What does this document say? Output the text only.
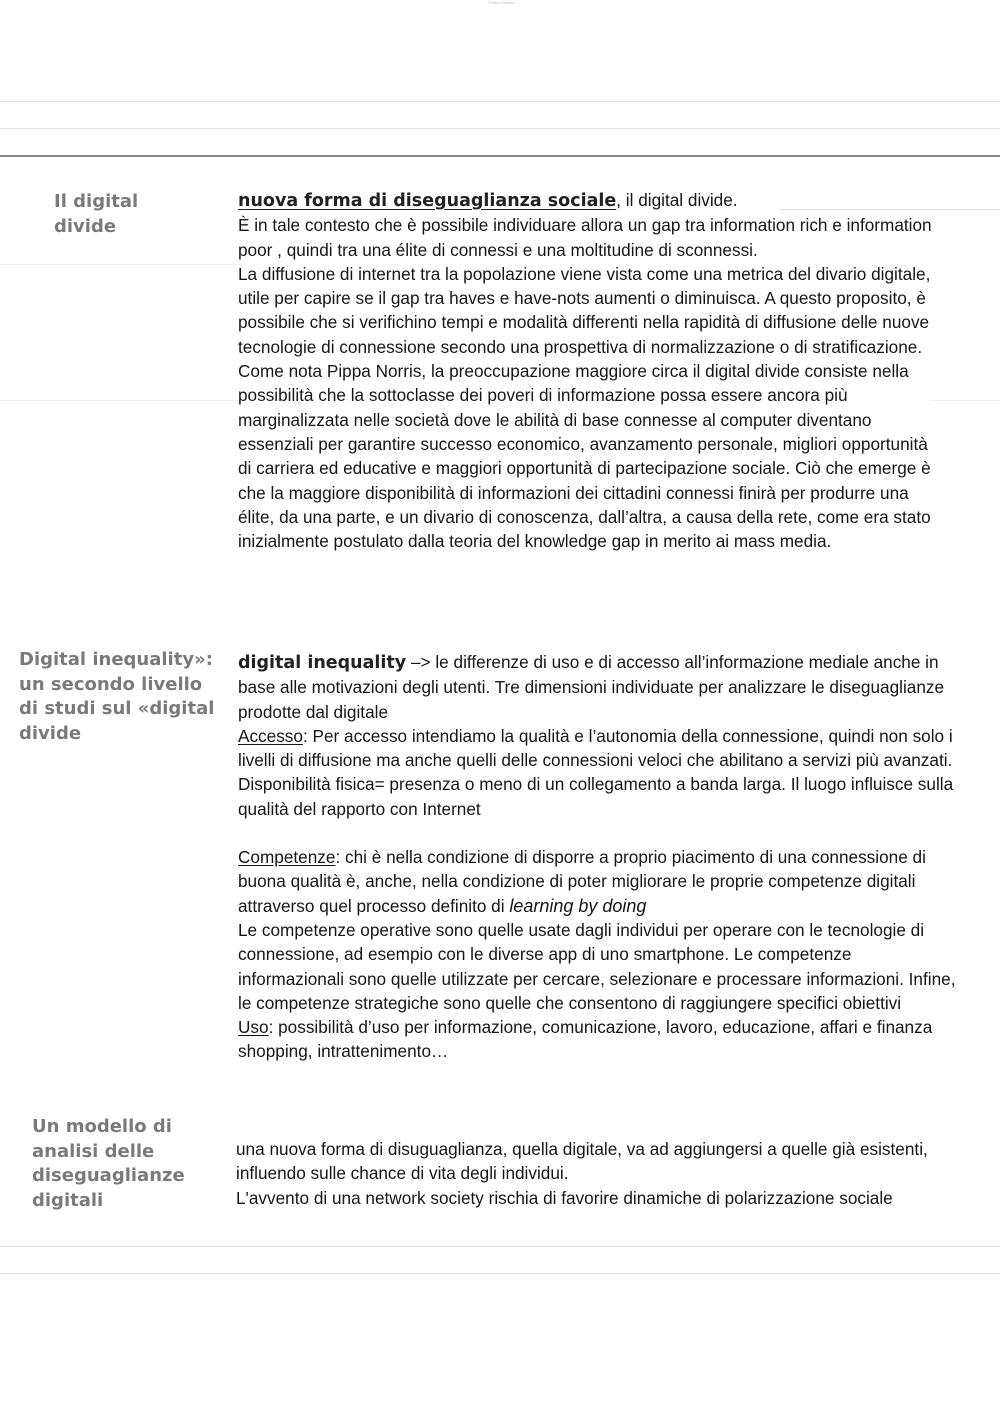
Sintesi Sociolo
Il digital
divide

nuova forma di diseguaglianza sociale, il digital divide.

È in tale contesto che è possibile individuare allora un gap tra information rich e information poor , quindi tra una élite di connessi e una moltitudine di sconnessi.

La diffusione di internet tra la popolazione viene vista come una metrica del divario digitale, utile per capire se il gap tra haves e have-nots aumenti o diminuisca. A questo proposito, è possibile che si verifichino tempi e modalità differenti nella rapidità di diffusione delle nuove tecnologie di connessione secondo una prospettiva di normalizzazione o di stratificazione.

Come nota Pippa Norris, la preoccupazione maggiore circa il digital divide consiste nella possibilità che la sottoclasse dei poveri di informazione possa essere ancora più marginalizzata nelle società dove le abilità di base connesse al computer diventano essenziali per garantire successo economico, avanzamento personale, migliori opportunità di carriera ed educative e maggiori opportunità di partecipazione sociale. Ciò che emerge è che la maggiore disponibilità di informazioni dei cittadini connessi finirà per produrre una élite, da una parte, e un divario di conoscenza, dall’altra, a causa della rete, come era stato inizialmente postulato dalla teoria del knowledge gap in merito ai mass media.

Digital inequality»:
un secondo livello
di studi sul «digital
divide

digital inequality –> le differenze di uso e di accesso all’informazione mediale anche in base alle motivazioni degli utenti. Tre dimensioni individuate per analizzare le diseguaglianze prodotte dal digitale

Accesso: Per accesso intendiamo la qualità e l’autonomia della connessione, quindi non solo i livelli di diffusione ma anche quelli delle connessioni veloci che abilitano a servizi più avanzati. Disponibilità fisica= presenza o meno di un collegamento a banda larga. Il luogo influisce sulla qualità del rapporto con Internet

Competenze: chi è nella condizione di disporre a proprio piacimento di una connessione di buona qualità è, anche, nella condizione di poter migliorare le proprie competenze digitali attraverso quel processo definito di learning by doing

Le competenze operative sono quelle usate dagli individui per operare con le tecnologie di connessione, ad esempio con le diverse app di uno smartphone. Le competenze informazionali sono quelle utilizzate per cercare, selezionare e processare informazioni. Infine, le competenze strategiche sono quelle che consentono di raggiungere specifici obiettivi

Uso: possibilità d’uso per informazione, comunicazione, lavoro, educazione, affari e finanza shopping, intrattenimento…

Un modello di
analisi delle
diseguaglianze
digitali

una nuova forma di disuguaglianza, quella digitale, va ad aggiungersi a quelle già esistenti, influendo sulle chance di vita degli individui.

L'avvento di una network society rischia di favorire dinamiche di polarizzazione sociale
